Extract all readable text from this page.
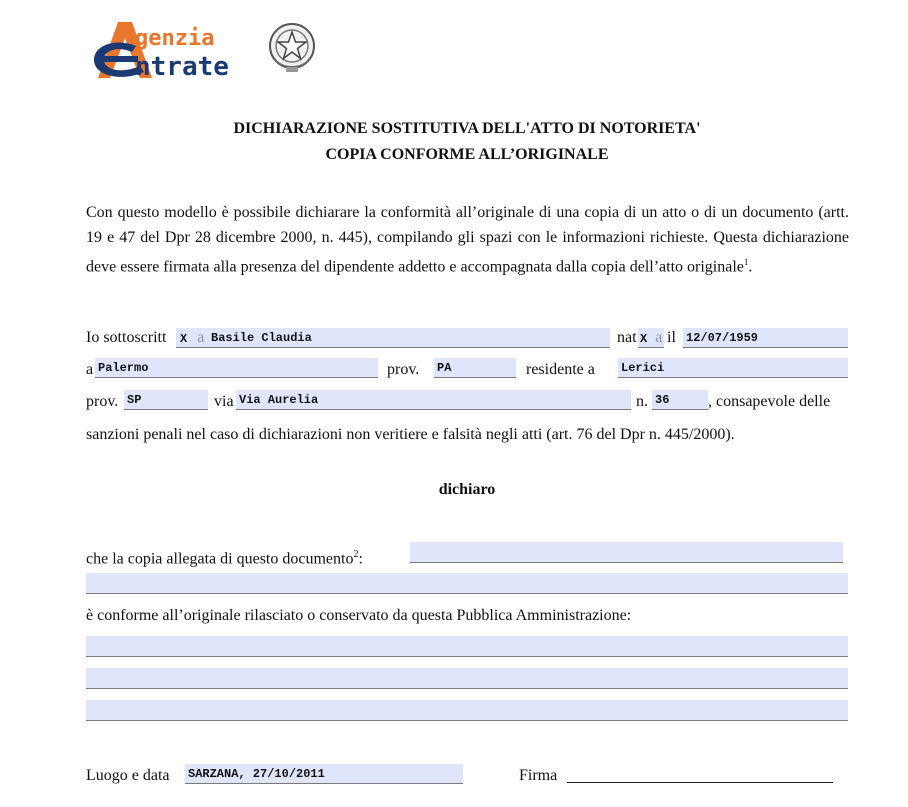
genzia
ntrate
DICHIARAZIONE SOSTITUTIVA DELL'ATTO DI NOTORIETA'
COPIA CONFORME ALL’ORIGINALE
Con questo modello è possibile dichiarare la conformità all’originale di una copia di un atto o di un documento (artt. 19 e 47 del Dpr 28 dicembre 2000, n. 445), compilando gli spazi con le informazioni richieste. Questa dichiarazione deve essere firmata alla presenza del dipendente addetto e accompagnata dalla copia dell’atto originale$^1$.
Io sottoscritt	X a Basile Claudia	nat X a il 12/07/1959
a Palermo	prov. PA	residente a Lerici
prov. SP	via Via Aurelia	n. 36	, consapevole delle
sanzioni penali nel caso di dichiarazioni non veritiere e falsità negli atti (art. 76 del Dpr n. 445/2000).
dichiaro
che la copia allegata di questo documento$^2$:
è conforme all’originale rilasciato o conservato da questa Pubblica Amministrazione:
Luogo e data SARZANA, 27/10/2011	Firma
